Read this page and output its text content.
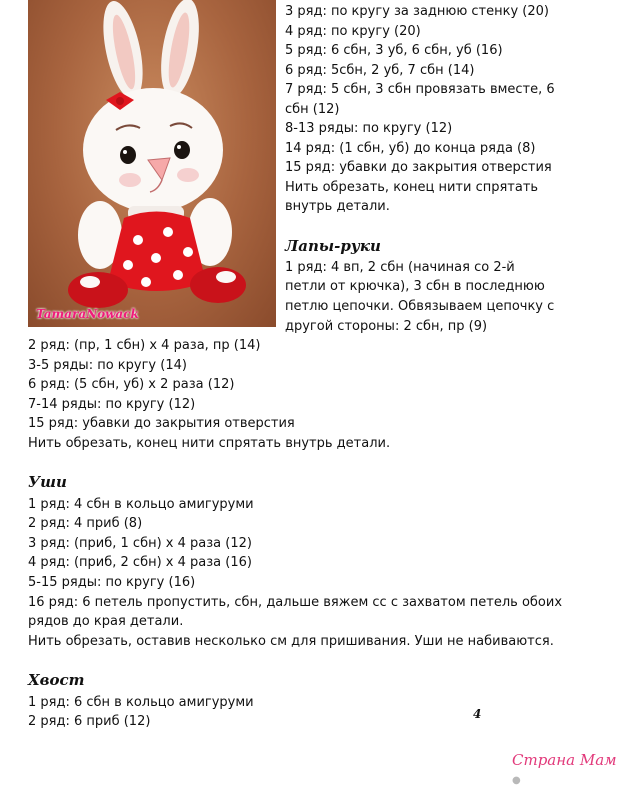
TamaraNowack
3 ряд: по кругу за заднюю стенку (20)
4 ряд: по кругу (20)
5 ряд: 6 сбн, 3 уб, 6 сбн, уб (16)
6 ряд: 5сбн, 2 уб, 7 сбн (14)
7 ряд: 5 сбн, 3 сбн провязать вместе, 6
сбн (12)
8-13 ряды: по кругу (12)
14 ряд: (1 сбн, уб) до конца ряда (8)
15 ряд: убавки до закрытия отверстия
Нить обрезать, конец нити спрятать
внутрь детали.
Лапы-руки
1 ряд: 4 вп, 2 сбн (начиная со 2-й
петли от крючка), 3 сбн в последнюю
петлю цепочки. Обвязываем цепочку с
другой стороны: 2 сбн, пр (9)
2 ряд: (пр, 1 сбн) х 4 раза, пр (14)
3-5 ряды: по кругу (14)
6 ряд: (5 сбн, уб) х 2 раза (12)
7-14 ряды: по кругу (12)
15 ряд: убавки до закрытия отверстия
Нить обрезать, конец нити спрятать внутрь детали.
Уши
1 ряд: 4 сбн в кольцо амигуруми
2 ряд: 4 приб (8)
3 ряд: (приб, 1 сбн) х 4 раза (12)
4 ряд: (приб, 2 сбн) х 4 раза (16)
5-15 ряды: по кругу (16)
16 ряд: 6 петель пропустить, сбн, дальше вяжем сс с захватом петель обоих
рядов до края детали.
Нить обрезать, оставив несколько см для пришивания. Уши не набиваются.
Хвост
1 ряд: 6 сбн в кольцо амигуруми
2 ряд: 6 приб (12)	4
Страна Мам ●
